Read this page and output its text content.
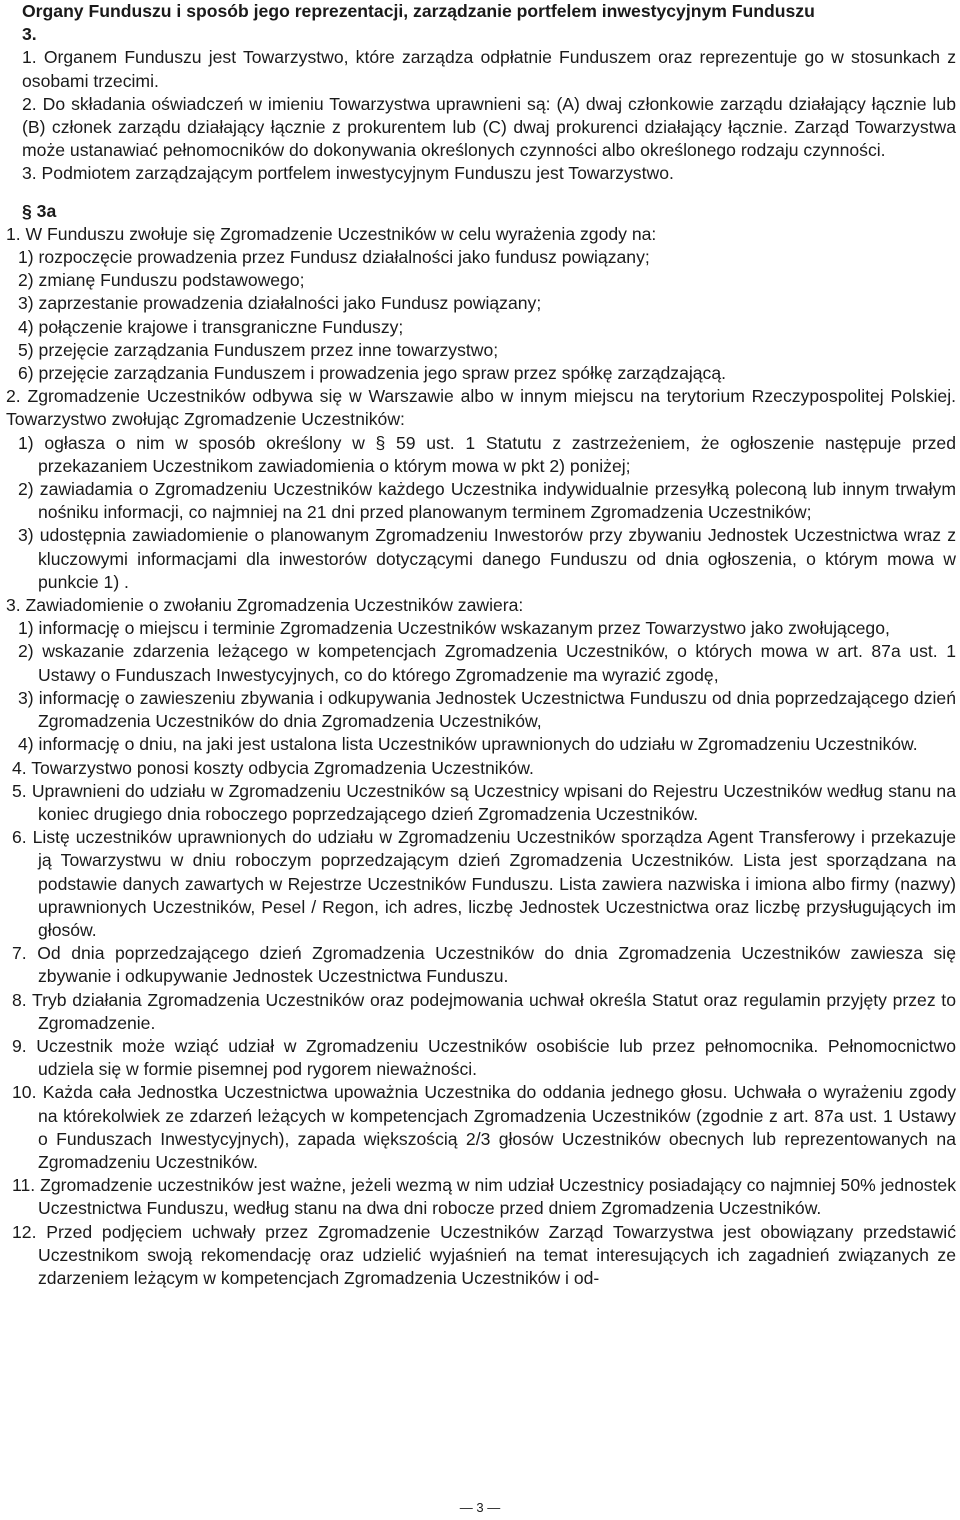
Organy Funduszu i sposób jego reprezentacji, zarządzanie portfelem inwestycyjnym Funduszu
3.

1. Organem Funduszu jest Towarzystwo, które zarządza odpłatnie Funduszem oraz reprezentuje go w stosunkach z osobami trzecimi.

2. Do składania oświadczeń w imieniu Towarzystwa uprawnieni są: (A) dwaj członkowie zarządu działający łącznie lub (B) członek zarządu działający łącznie z prokurentem lub (C) dwaj prokurenci działający łącznie. Zarząd Towarzystwa może ustanawiać pełnomocników do dokonywania określonych czynności albo określonego rodzaju czynności.

3. Podmiotem zarządzającym portfelem inwestycyjnym Funduszu jest Towarzystwo.

§ 3a

1. W Funduszu zwołuje się Zgromadzenie Uczestników w celu wyrażenia zgody na:

1) rozpoczęcie prowadzenia przez Fundusz działalności jako fundusz powiązany;

2) zmianę Funduszu podstawowego;

3) zaprzestanie prowadzenia działalności jako Fundusz powiązany;

4) połączenie krajowe i transgraniczne Funduszy;

5) przejęcie zarządzania Funduszem przez inne towarzystwo;

6) przejęcie zarządzania Funduszem i prowadzenia jego spraw przez spółkę zarządzającą.

2. Zgromadzenie Uczestników odbywa się w Warszawie albo w innym miejscu na terytorium Rzeczypospolitej Polskiej. Towarzystwo zwołując Zgromadzenie Uczestników:

1) ogłasza o nim w sposób określony w § 59 ust. 1 Statutu z zastrzeżeniem, że ogłoszenie następuje przed przekazaniem Uczestnikom zawiadomienia o którym mowa w pkt 2) poniżej;

2) zawiadamia o Zgromadzeniu Uczestników każdego Uczestnika indywidualnie przesyłką poleconą lub innym trwałym nośniku informacji, co najmniej na 21 dni przed planowanym terminem Zgromadzenia Uczestników;

3) udostępnia zawiadomienie o planowanym Zgromadzeniu Inwestorów przy zbywaniu Jednostek Uczestnictwa wraz z kluczowymi informacjami dla inwestorów dotyczącymi danego Funduszu od dnia ogłoszenia, o którym mowa w punkcie 1) .

3. Zawiadomienie o zwołaniu Zgromadzenia Uczestników zawiera:

1) informację o miejscu i terminie Zgromadzenia Uczestników wskazanym przez Towarzystwo jako zwołującego,

2) wskazanie zdarzenia leżącego w kompetencjach Zgromadzenia Uczestników, o których mowa w art. 87a ust. 1 Ustawy o Funduszach Inwestycyjnych, co do którego Zgromadzenie ma wyrazić zgodę,

3) informację o zawieszeniu zbywania i odkupywania Jednostek Uczestnictwa Funduszu od dnia poprzedzającego dzień Zgromadzenia Uczestników do dnia Zgromadzenia Uczestników,

4) informację o dniu, na jaki jest ustalona lista Uczestników uprawnionych do udziału w Zgromadzeniu Uczestników.

4. Towarzystwo ponosi koszty odbycia Zgromadzenia Uczestników.

5. Uprawnieni do udziału w Zgromadzeniu Uczestników są Uczestnicy wpisani do Rejestru Uczestników według stanu na koniec drugiego dnia roboczego poprzedzającego dzień Zgromadzenia Uczestników.

6. Listę uczestników uprawnionych do udziału w Zgromadzeniu Uczestników sporządza Agent Transferowy i przekazuje ją Towarzystwu w dniu roboczym poprzedzającym dzień Zgromadzenia Uczestników. Lista jest sporządzana na podstawie danych zawartych w Rejestrze Uczestników Funduszu. Lista zawiera nazwiska i imiona albo firmy (nazwy) uprawnionych Uczestników, Pesel / Regon, ich adres, liczbę Jednostek Uczestnictwa oraz liczbę przysługujących im głosów.

7. Od dnia poprzedzającego dzień Zgromadzenia Uczestników do dnia Zgromadzenia Uczestników zawiesza się zbywanie i odkupywanie Jednostek Uczestnictwa Funduszu.

8. Tryb działania Zgromadzenia Uczestników oraz podejmowania uchwał określa Statut oraz regulamin przyjęty przez to Zgromadzenie.

9. Uczestnik może wziąć udział w Zgromadzeniu Uczestników osobiście lub przez pełnomocnika. Pełnomocnictwo udziela się w formie pisemnej pod rygorem nieważności.

10. Każda cała Jednostka Uczestnictwa upoważnia Uczestnika do oddania jednego głosu. Uchwała o wyrażeniu zgody na którekolwiek ze zdarzeń leżących w kompetencjach Zgromadzenia Uczestników (zgodnie z art. 87a ust. 1 Ustawy o Funduszach Inwestycyjnych), zapada większością 2/3 głosów Uczestników obecnych lub reprezentowanych na Zgromadzeniu Uczestników.

11. Zgromadzenie uczestników jest ważne, jeżeli wezmą w nim udział Uczestnicy posiadający co najmniej 50% jednostek Uczestnictwa Funduszu, według stanu na dwa dni robocze przed dniem Zgromadzenia Uczestników.

12. Przed podjęciem uchwały przez Zgromadzenie Uczestników Zarząd Towarzystwa jest obowiązany przedstawić Uczestnikom swoją rekomendację oraz udzielić wyjaśnień na temat interesujących ich zagadnień związanych ze zdarzeniem leżącym w kompetencjach Zgromadzenia Uczestników i od-

— 3 —
